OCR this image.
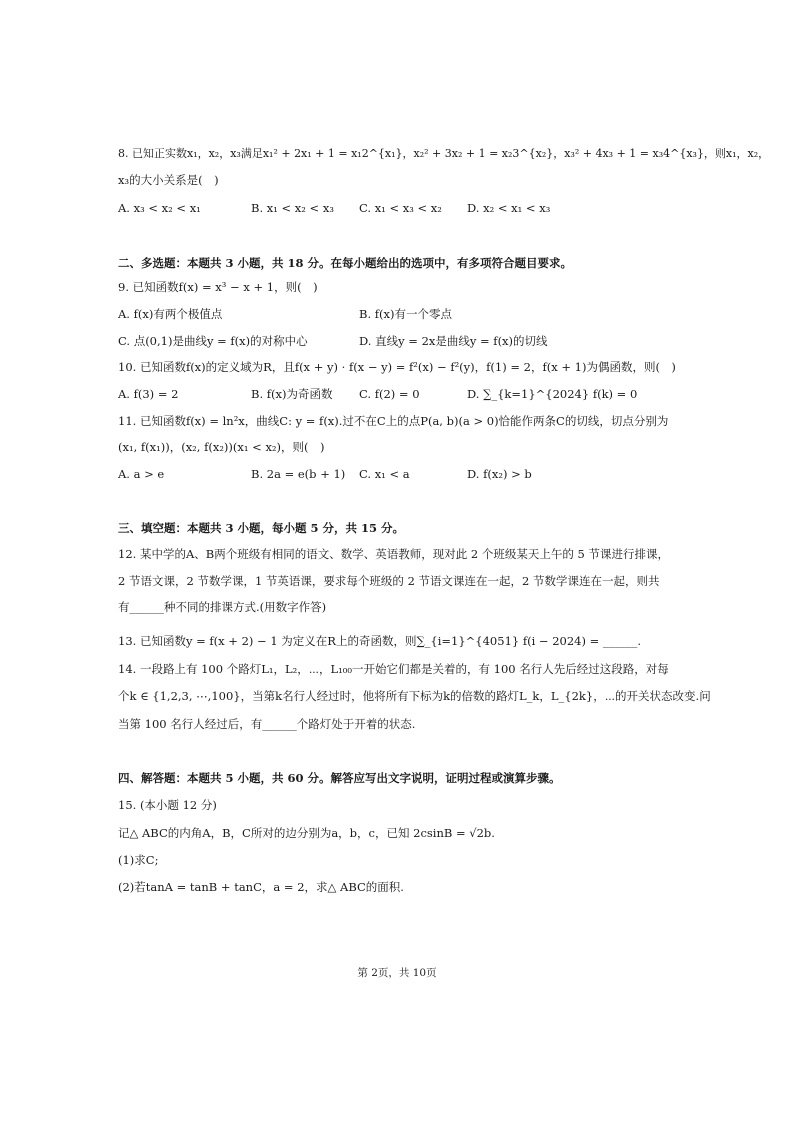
8. 已知正实数x₁，x₂，x₃满足x₁² + 2x₁ + 1 = x₁2^{x₁}，x₂² + 3x₂ + 1 = x₂3^{x₂}，x₃² + 4x₃ + 1 = x₃4^{x₃}，则x₁，x₂，
x₃的大小关系是(　)
A. x₃ < x₂ < x₁	B. x₁ < x₂ < x₃ C. x₁ < x₃ < x₂ D. x₂ < x₁ < x₃
二、多选题：本题共 3 小题，共 18 分。在每小题给出的选项中，有多项符合题目要求。
9. 已知函数f(x) = x³ − x + 1，则(　)
A. f(x)有两个极值点	B. f(x)有一个零点
C. 点(0,1)是曲线y = f(x)的对称中心	D. 直线y = 2x是曲线y = f(x)的切线
10. 已知函数f(x)的定义域为R，且f(x + y) · f(x − y) = f²(x) − f²(y)，f(1) = 2，f(x + 1)为偶函数，则(　)
A. f(3) = 2	B. f(x)为奇函数 C. f(2) = 0	D. ∑_{k=1}^{2024} f(k) = 0
11. 已知函数f(x) = ln²x，曲线C: y = f(x).过不在C上的点P(a, b)(a > 0)恰能作两条C的切线，切点分别为
(x₁, f(x₁))，(x₂, f(x₂))(x₁ < x₂)，则(　)
A. a > e	B. 2a = e(b + 1) C. x₁ < a	D. f(x₂) > b
三、填空题：本题共 3 小题，每小题 5 分，共 15 分。
12. 某中学的A、B两个班级有相同的语文、数学、英语教师，现对此 2 个班级某天上午的 5 节课进行排课，
2 节语文课，2 节数学课，1 节英语课，要求每个班级的 2 节语文课连在一起，2 节数学课连在一起，则共
有______种不同的排课方式.(用数字作答)
13. 已知函数y = f(x + 2) − 1 为定义在R上的奇函数，则∑_{i=1}^{4051} f(i − 2024) = ______.
14. 一段路上有 100 个路灯L₁，L₂，⋯，L₁₀₀一开始它们都是关着的，有 100 名行人先后经过这段路，对每
个k ∈ {1,2,3, ⋯,100}，当第k名行人经过时，他将所有下标为k的倍数的路灯L_k，L_{2k}，⋯的开关状态改变.问
当第 100 名行人经过后，有______个路灯处于开着的状态.
四、解答题：本题共 5 小题，共 60 分。解答应写出文字说明，证明过程或演算步骤。
15. (本小题 12 分)
记△ ABC的内角A，B，C所对的边分别为a，b，c，已知 2csinB = √2b.
(1)求C;
(2)若tanA = tanB + tanC，a = 2，求△ ABC的面积.
第 2页，共 10页
